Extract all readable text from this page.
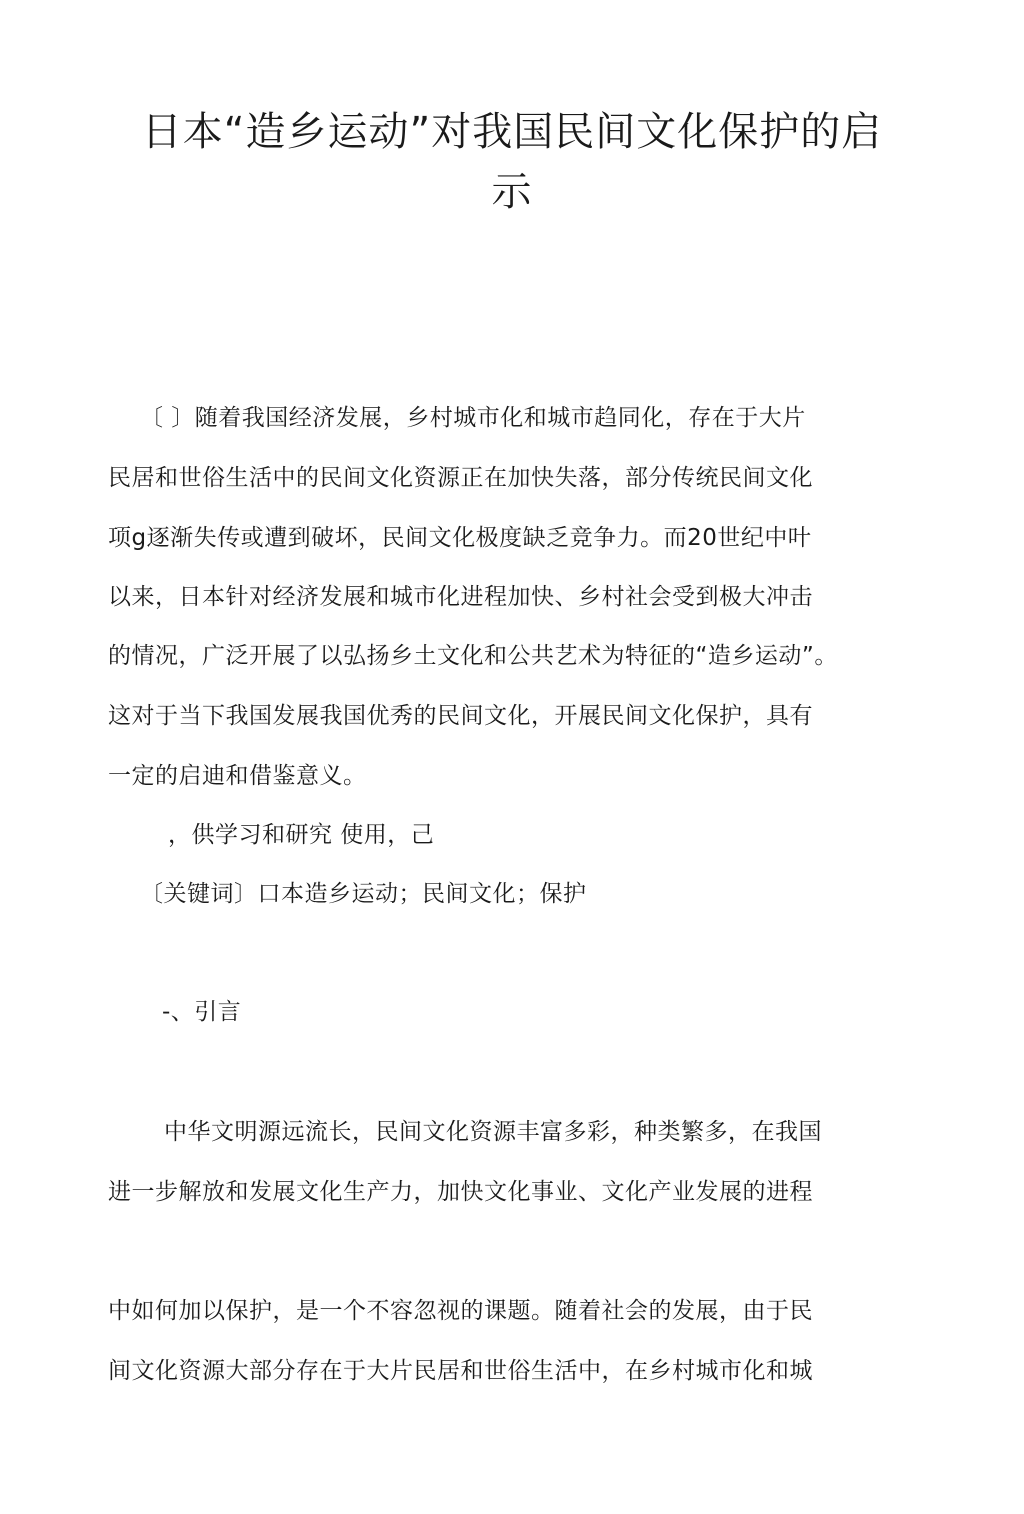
日本“造乡运动”对我国民间文化保护的启
示

〔 〕随着我国经济发展，乡村城市化和城市趋同化，存在于大片

民居和世俗生活中的民间文化资源正在加快失落，部分传统民间文化

项g逐渐失传或遭到破坏，民间文化极度缺乏竞争力。而20世纪中叶

以来，日本针对经济发展和城市化进程加快、乡村社会受到极大冲击

的情况，广泛开展了以弘扬乡土文化和公共艺术为特征的“造乡运动”。

这对于当下我国发展我国优秀的民间文化，开展民间文化保护，具有

一定的启迪和借鉴意义。

，供学习和研究 使用，己

〔关键词〕口本造乡运动；民间文化；保护

-、引言

中华文明源远流长，民间文化资源丰富多彩，种类繁多，在我国

进一步解放和发展文化生产力，加快文化事业、文化产业发展的进程

中如何加以保护，是一个不容忽视的课题。随着社会的发展，由于民

间文化资源大部分存在于大片民居和世俗生活中，在乡村城市化和城
